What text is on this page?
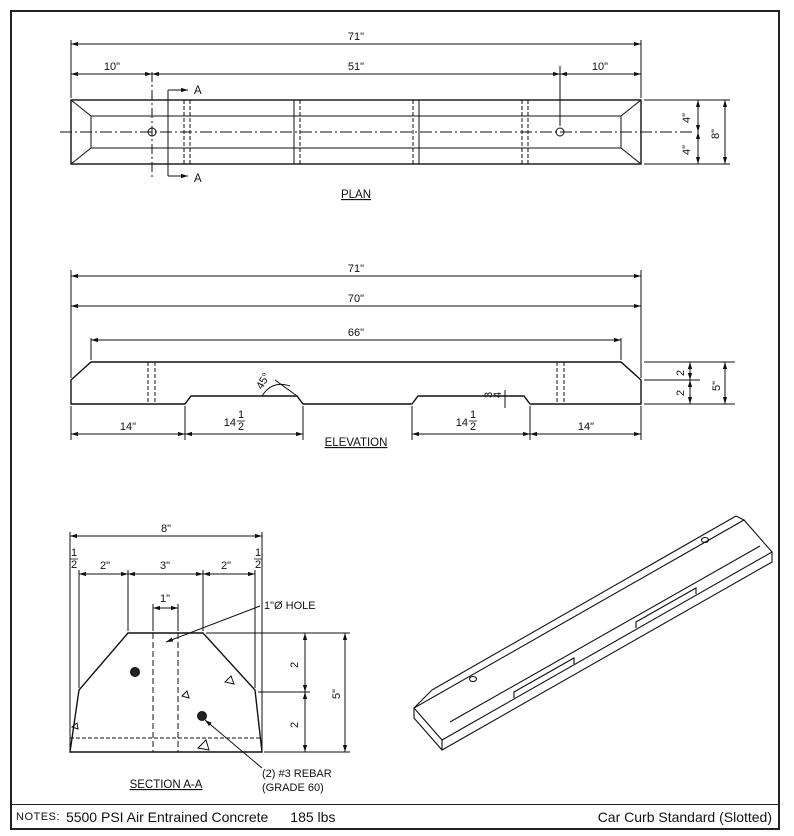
71"
10"	51"	10"
4"
4"
8"
A
A
PLAN
71"
70"
66"
14"	14"
14
1
2	14
1
2
45°
3
4
2
2
5"
ELEVATION
8"
2"	3"	2"
1"
1
2
1
2
2
2
5"
1"Ø HOLE
(2) #3 REBAR
(GRADE 60)
SECTION A-A
NOTES: 5500 PSI Air Entrained Concrete 185 lbs	Car Curb Standard (Slotted)
